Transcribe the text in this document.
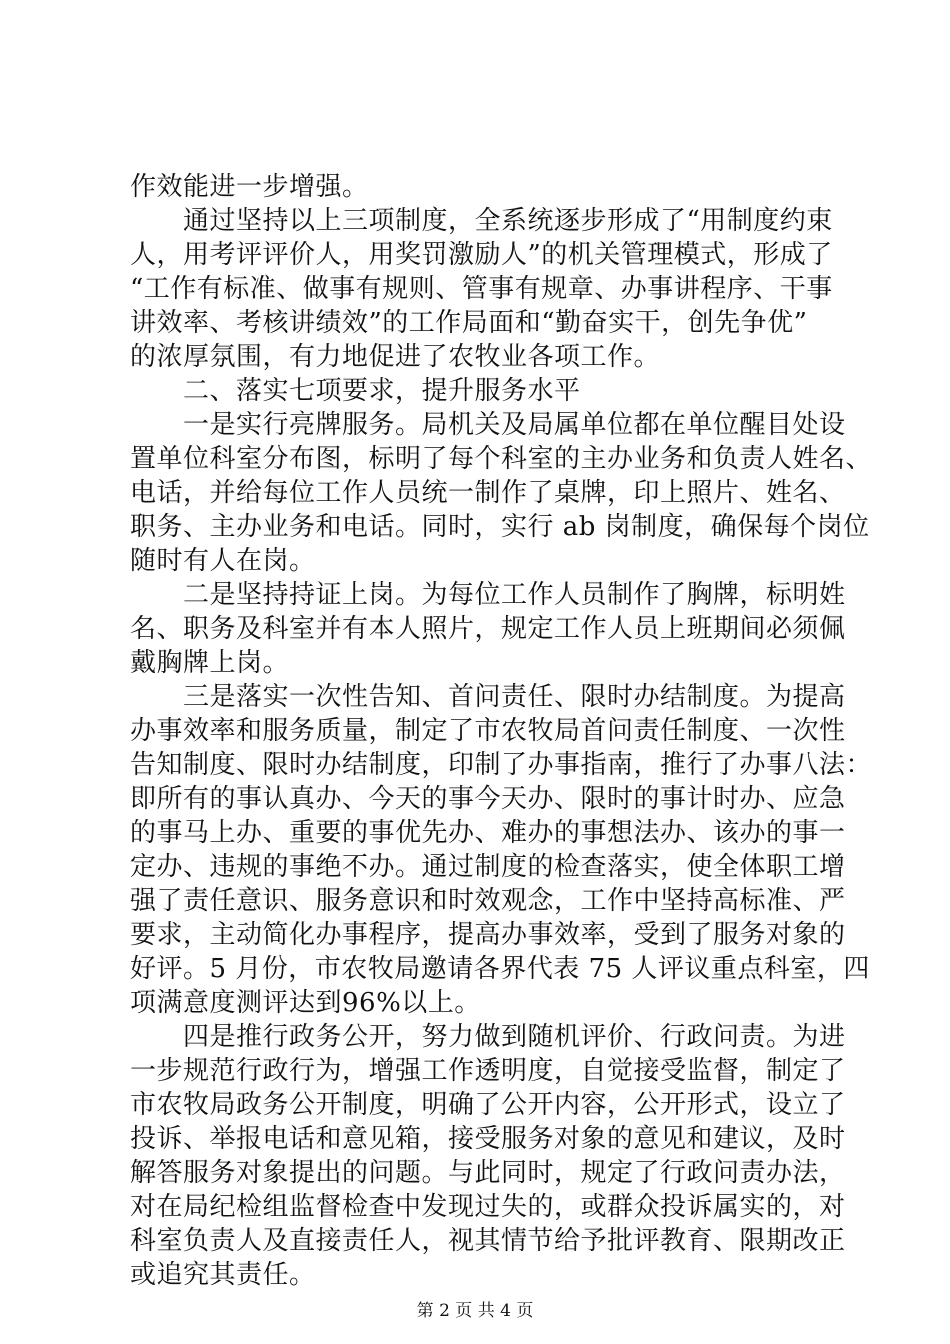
作效能进一步增强。
　　通过坚持以上三项制度，全系统逐步形成了“用制度约束
人，用考评评价人，用奖罚激励人”的机关管理模式，形成了
“工作有标准、做事有规则、管事有规章、办事讲程序、干事
讲效率、考核讲绩效”的工作局面和“勤奋实干，创先争优”
的浓厚氛围，有力地促进了农牧业各项工作。
　　二、落实七项要求，提升服务水平
　　一是实行亮牌服务。局机关及局属单位都在单位醒目处设
置单位科室分布图，标明了每个科室的主办业务和负责人姓名、
电话，并给每位工作人员统一制作了桌牌，印上照片、姓名、
职务、主办业务和电话。同时，实行 ab 岗制度，确保每个岗位
随时有人在岗。
　　二是坚持持证上岗。为每位工作人员制作了胸牌，标明姓
名、职务及科室并有本人照片，规定工作人员上班期间必须佩
戴胸牌上岗。
　　三是落实一次性告知、首问责任、限时办结制度。为提高
办事效率和服务质量，制定了市农牧局首问责任制度、一次性
告知制度、限时办结制度，印制了办事指南，推行了办事八法：
即所有的事认真办、今天的事今天办、限时的事计时办、应急
的事马上办、重要的事优先办、难办的事想法办、该办的事一
定办、违规的事绝不办。通过制度的检查落实，使全体职工增
强了责任意识、服务意识和时效观念，工作中坚持高标准、严
要求，主动简化办事程序，提高办事效率，受到了服务对象的
好评。5 月份，市农牧局邀请各界代表 75 人评议重点科室，四
项满意度测评达到96%以上。
　　四是推行政务公开，努力做到随机评价、行政问责。为进
一步规范行政行为，增强工作透明度，自觉接受监督，制定了
市农牧局政务公开制度，明确了公开内容，公开形式，设立了
投诉、举报电话和意见箱，接受服务对象的意见和建议，及时
解答服务对象提出的问题。与此同时，规定了行政问责办法，
对在局纪检组监督检查中发现过失的，或群众投诉属实的，对
科室负责人及直接责任人，视其情节给予批评教育、限期改正
或追究其责任。
第 2 页 共 4 页
